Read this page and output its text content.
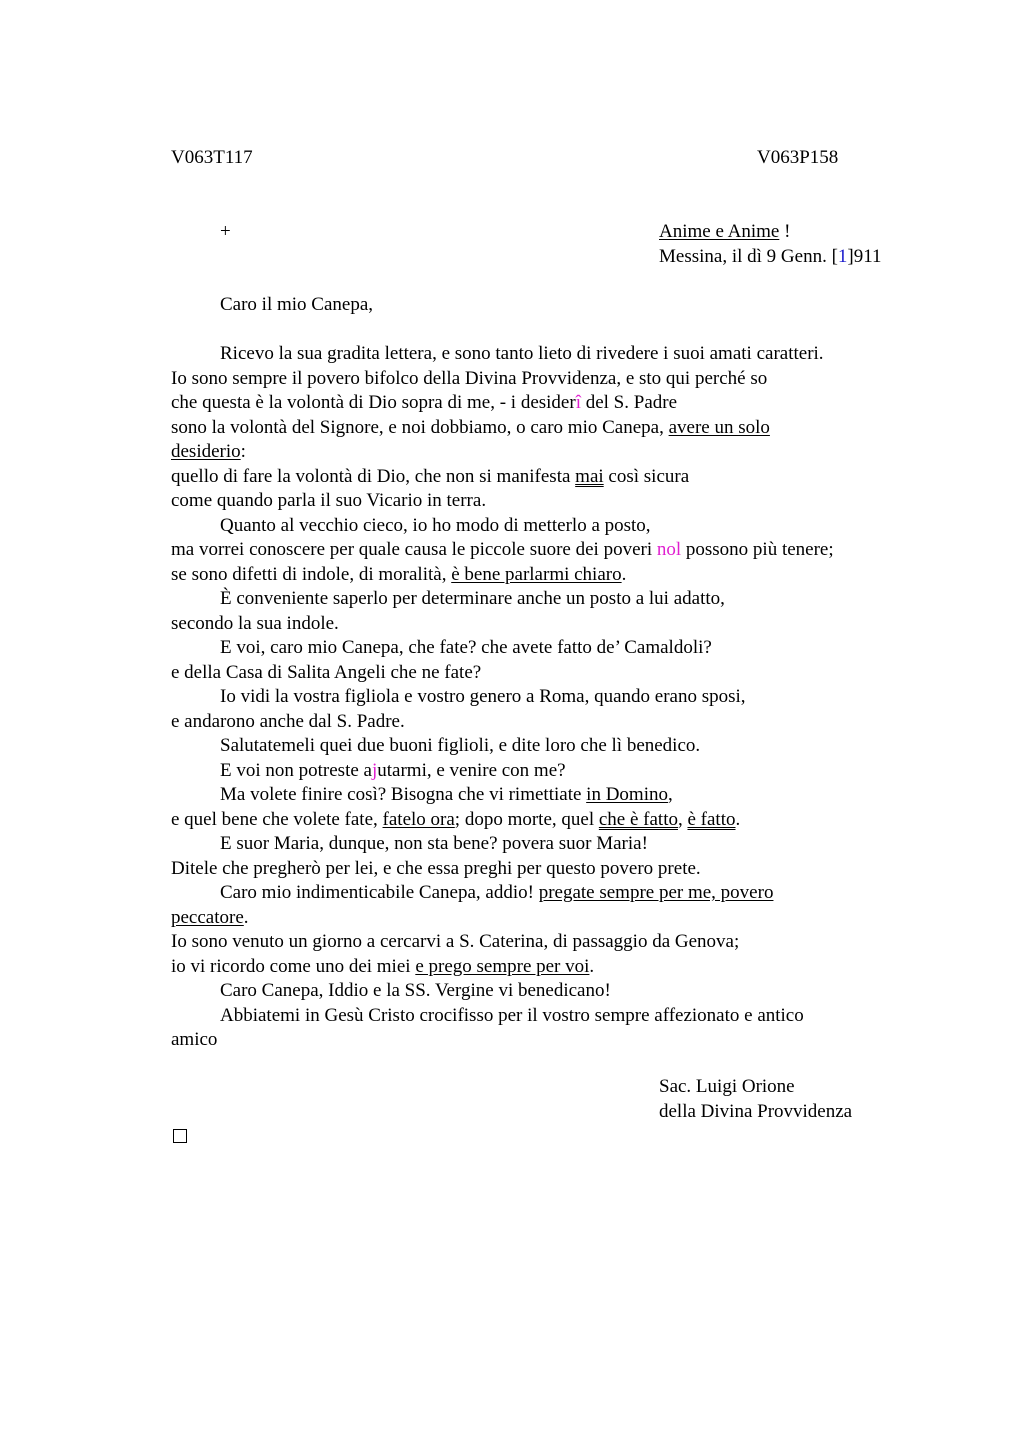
V063T117	V063P158
+	Anime e Anime !
Messina, il dì 9 Genn. [1]911
Caro il mio Canepa,
Ricevo la sua gradita lettera, e sono tanto lieto di rivedere i suoi amati caratteri.
Io sono sempre il povero bifolco della Divina Provvidenza, e sto qui perché so
che questa è la volontà di Dio sopra di me, - i desiderî del S. Padre
sono la volontà del Signore, e noi dobbiamo, o caro mio Canepa, avere un solo
desiderio:
quello di fare la volontà di Dio, che non si manifesta mai così sicura
come quando parla il suo Vicario in terra.
Quanto al vecchio cieco, io ho modo di metterlo a posto,
ma vorrei conoscere per quale causa le piccole suore dei poveri nol possono più tenere;
se sono difetti di indole, di moralità, è bene parlarmi chiaro.
È conveniente saperlo per determinare anche un posto a lui adatto,
secondo la sua indole.
E voi, caro mio Canepa, che fate? che avete fatto de’ Camaldoli?
e della Casa di Salita Angeli che ne fate?
Io vidi la vostra figliola e vostro genero a Roma, quando erano sposi,
e andarono anche dal S. Padre.
Salutatemeli quei due buoni figlioli, e dite loro che lì benedico.
E voi non potreste ajutarmi, e venire con me?
Ma volete finire così? Bisogna che vi rimettiate in Domino,
e quel bene che volete fate, fatelo ora; dopo morte, quel che è fatto, è fatto.
E suor Maria, dunque, non sta bene? povera suor Maria!
Ditele che pregherò per lei, e che essa preghi per questo povero prete.
Caro mio indimenticabile Canepa, addio! pregate sempre per me, povero
peccatore.
Io sono venuto un giorno a cercarvi a S. Caterina, di passaggio da Genova;
io vi ricordo come uno dei miei e prego sempre per voi.
Caro Canepa, Iddio e la SS. Vergine vi benedicano!
Abbiatemi in Gesù Cristo crocifisso per il vostro sempre affezionato e antico
amico
Sac. Luigi Orione
della Divina Provvidenza
